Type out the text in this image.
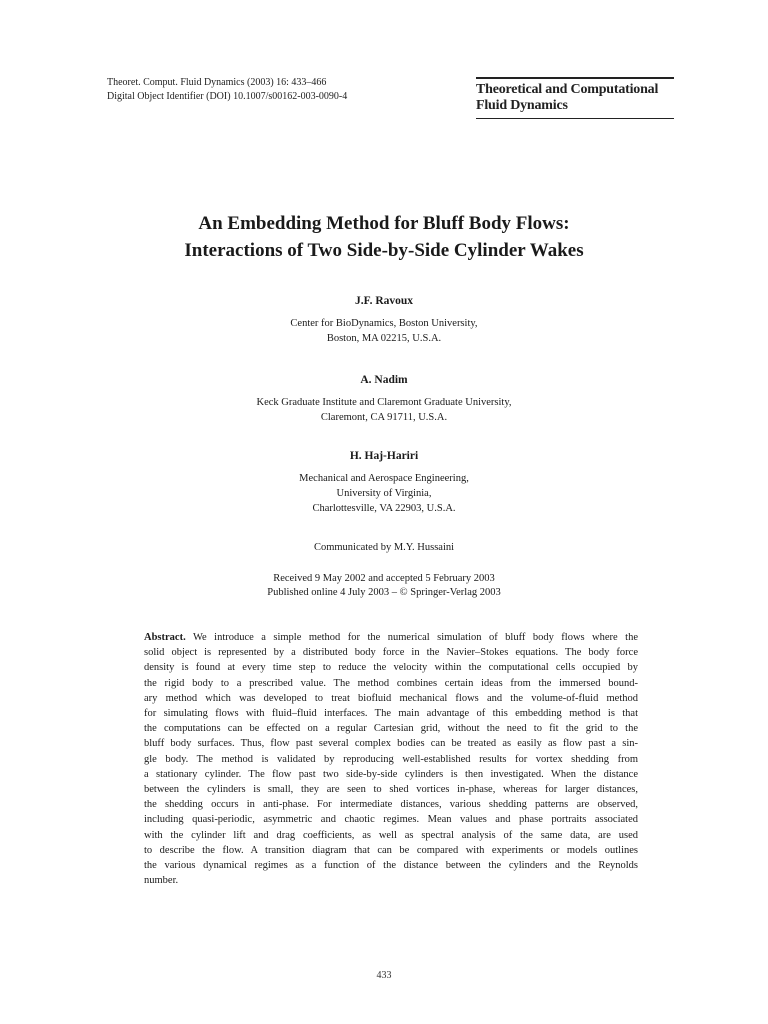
Theoret. Comput. Fluid Dynamics (2003) 16: 433–466
Digital Object Identifier (DOI) 10.1007/s00162-003-0090-4	Theoretical and Computational
Fluid Dynamics
An Embedding Method for Bluff Body Flows:
Interactions of Two Side-by-Side Cylinder Wakes
J.F. Ravoux
Center for BioDynamics, Boston University,
Boston, MA 02215, U.S.A.
A. Nadim
Keck Graduate Institute and Claremont Graduate University,
Claremont, CA 91711, U.S.A.
H. Haj-Hariri
Mechanical and Aerospace Engineering,
University of Virginia,
Charlottesville, VA 22903, U.S.A.
Communicated by M.Y. Hussaini
Received 9 May 2002 and accepted 5 February 2003
Published online 4 July 2003 – © Springer-Verlag 2003
Abstract. We introduce a simple method for the numerical simulation of bluff body flows where the
solid object is represented by a distributed body force in the Navier–Stokes equations. The body force
density is found at every time step to reduce the velocity within the computational cells occupied by
the rigid body to a prescribed value. The method combines certain ideas from the immersed bound-
ary method which was developed to treat biofluid mechanical flows and the volume-of-fluid method
for simulating flows with fluid–fluid interfaces. The main advantage of this embedding method is that
the computations can be effected on a regular Cartesian grid, without the need to fit the grid to the
bluff body surfaces. Thus, flow past several complex bodies can be treated as easily as flow past a sin-
gle body. The method is validated by reproducing well-established results for vortex shedding from
a stationary cylinder. The flow past two side-by-side cylinders is then investigated. When the distance
between the cylinders is small, they are seen to shed vortices in-phase, whereas for larger distances,
the shedding occurs in anti-phase. For intermediate distances, various shedding patterns are observed,
including quasi-periodic, asymmetric and chaotic regimes. Mean values and phase portraits associated
with the cylinder lift and drag coefficients, as well as spectral analysis of the same data, are used
to describe the flow. A transition diagram that can be compared with experiments or models outlines
the various dynamical regimes as a function of the distance between the cylinders and the Reynolds
number.
433
